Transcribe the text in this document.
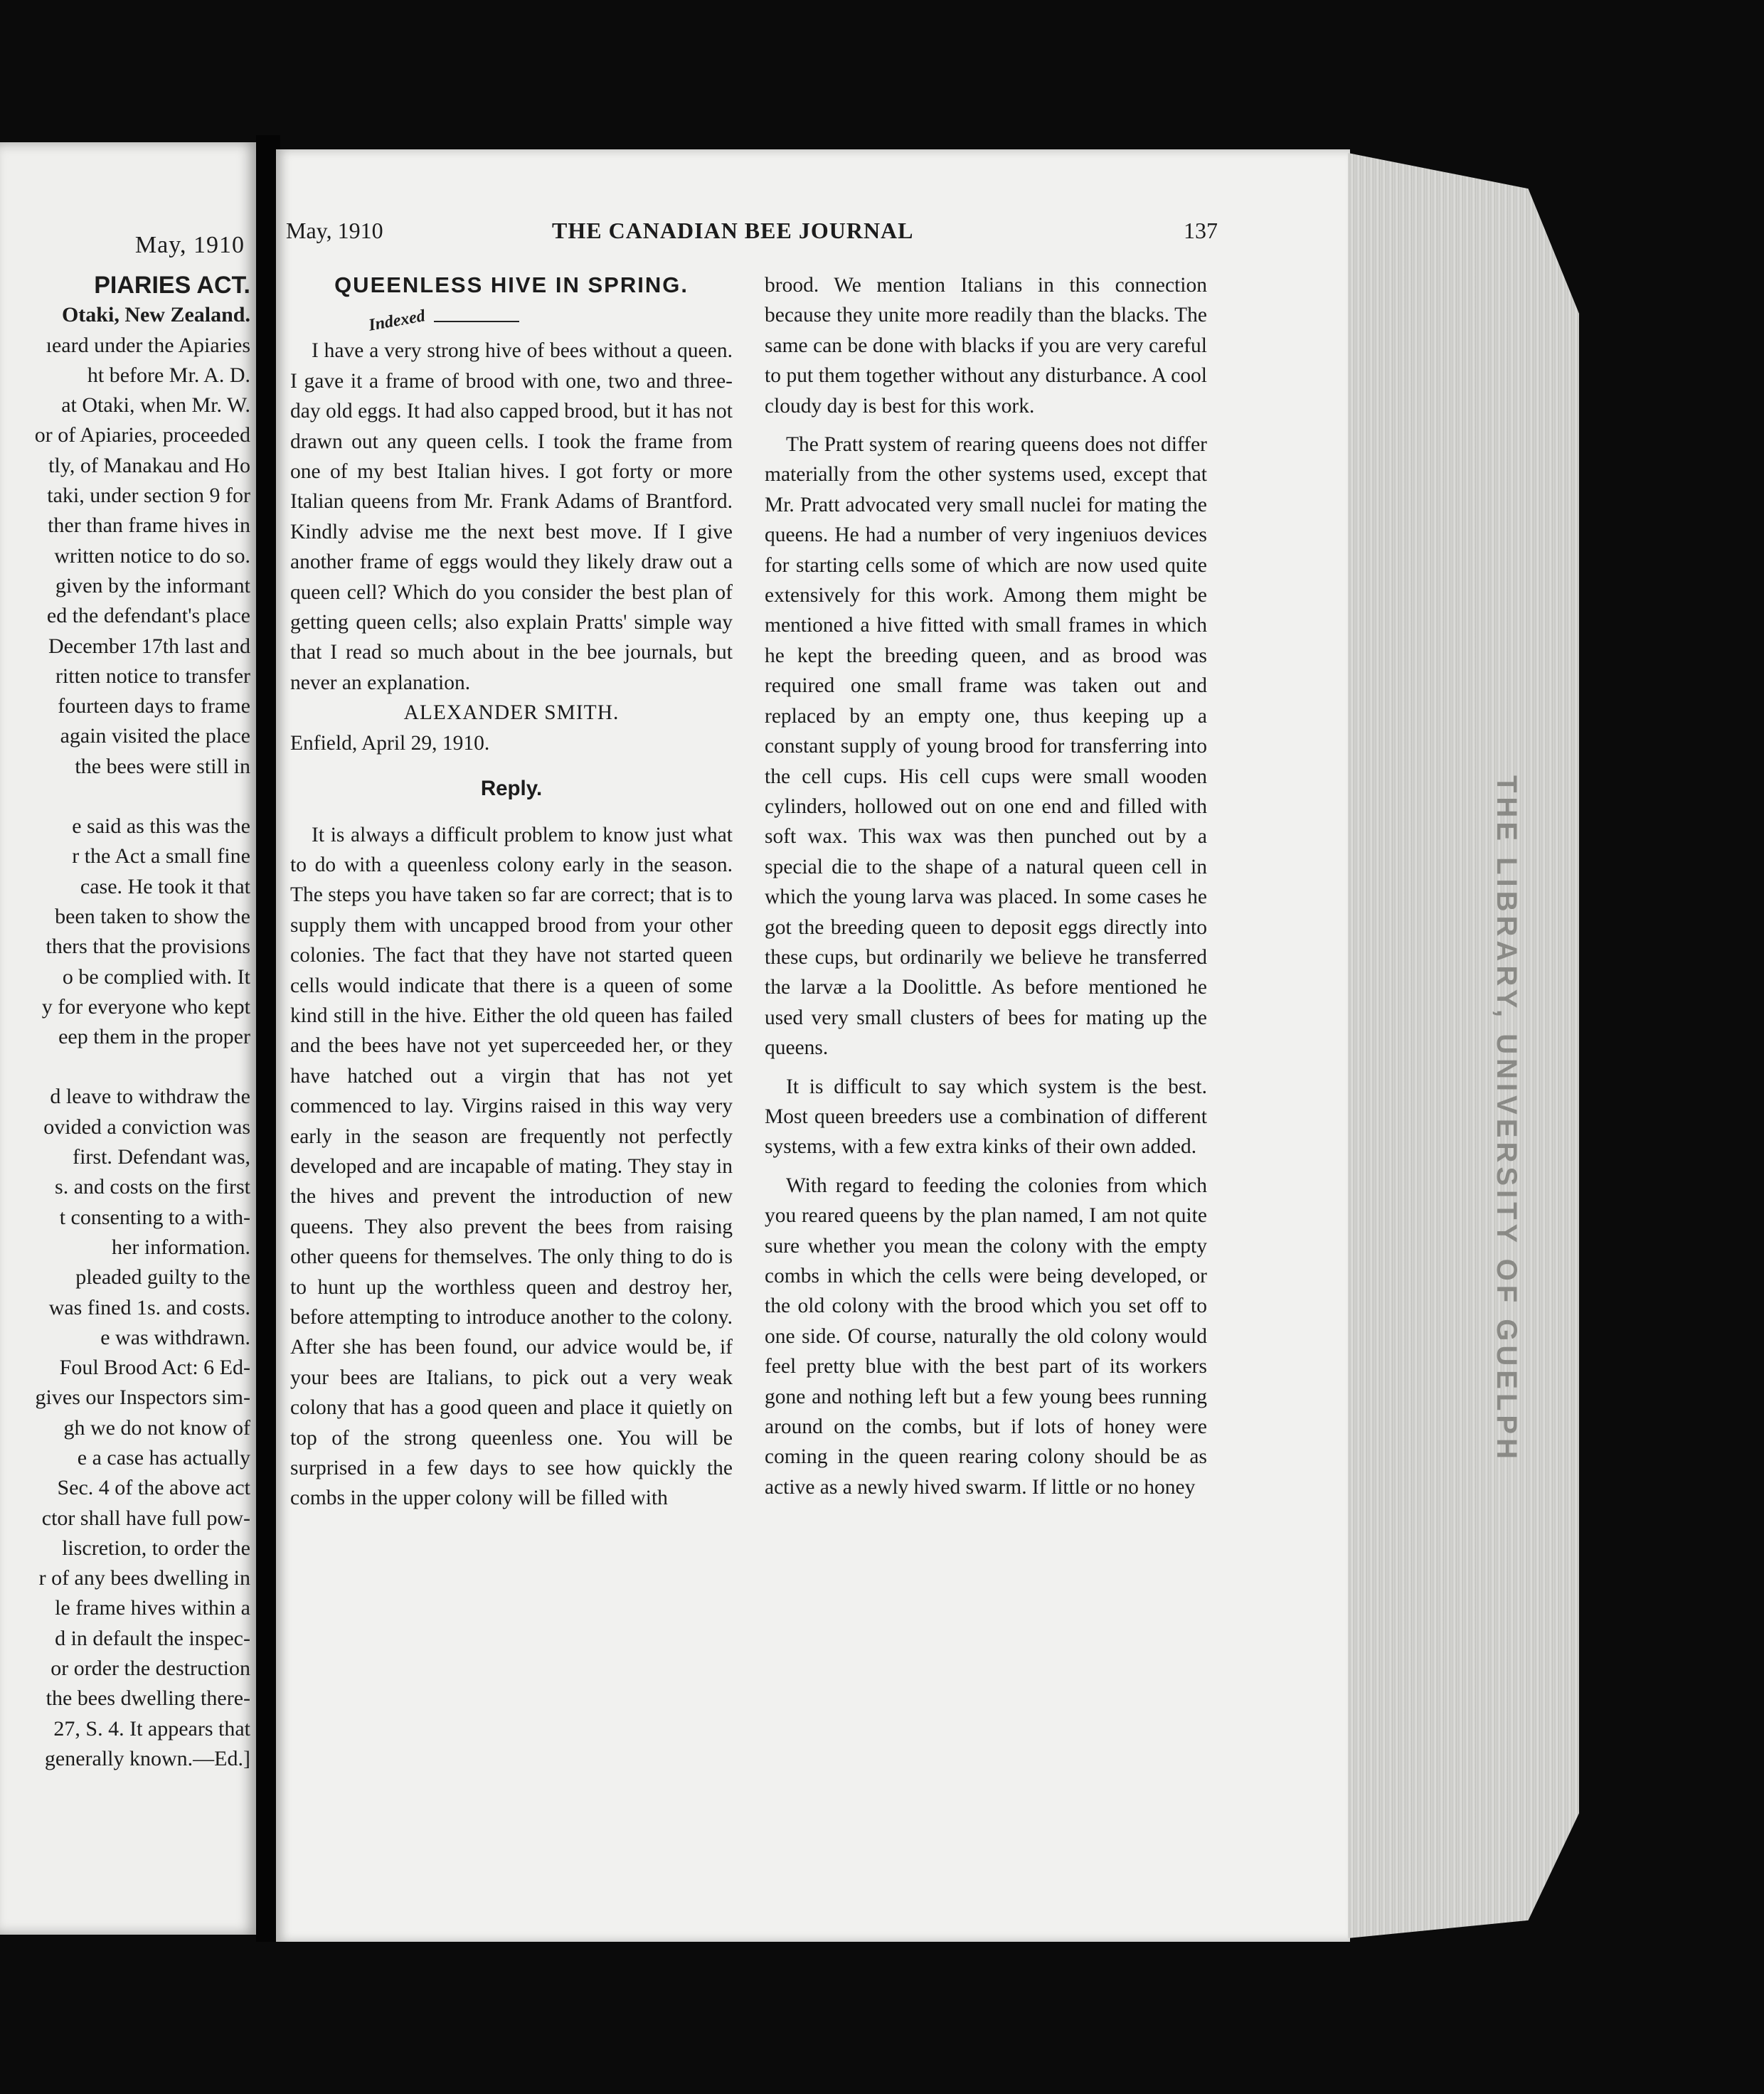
May, 1910
PIARIES ACT.
Otaki, New Zealand.
ıeard under the Apiaries
ht before Mr. A. D.
at Otaki, when Mr. W.
or of Apiaries, proceeded
tly, of Manakau and Ho
taki, under section 9 for
ther than frame hives in
written notice to do so.
given by the informant
ed the defendant's place
December 17th last and
ritten notice to transfer
fourteen days to frame
again visited the place
the bees were still in
e said as this was the
r the Act a small fine
case. He took it that
been taken to show the
thers that the provisions
o be complied with. It
y for everyone who kept
eep them in the proper
d leave to withdraw the
ovided a conviction was
first. Defendant was,
s. and costs on the first
t consenting to a with-
her information.
pleaded guilty to the
was fined 1s. and costs.
e was withdrawn.
Foul Brood Act: 6 Ed-
gives our Inspectors sim-
gh we do not know of
e a case has actually
Sec. 4 of the above act
ctor shall have full pow-
liscretion, to order the
r of any bees dwelling in
le frame hives within a
d in default the inspec-
or order the destruction
the bees dwelling there-
27, S. 4. It appears that
generally known.—Ed.]
THE LIBRARY, UNIVERSITY OF GUELPH
May, 1910	THE CANADIAN BEE JOURNAL	137

QUEENLESS HIVE IN SPRING.

Indexed

I have a very strong hive of bees without a queen. I gave it a frame of brood with one, two and three-day old eggs. It had also capped brood, but it has not drawn out any queen cells. I took the frame from one of my best Italian hives. I got forty or more Italian queens from Mr. Frank Adams of Brantford. Kindly advise me the next best move. If I give another frame of eggs would they likely draw out a queen cell? Which do you consider the best plan of getting queen cells; also explain Pratts' simple way that I read so much about in the bee journals, but never an explanation.

ALEXANDER SMITH.

Enfield, April 29, 1910.

Reply.

It is always a difficult problem to know just what to do with a queenless colony early in the season. The steps you have taken so far are correct; that is to supply them with uncapped brood from your other colonies. The fact that they have not started queen cells would indicate that there is a queen of some kind still in the hive. Either the old queen has failed and the bees have not yet superceeded her, or they have hatched out a virgin that has not yet commenced to lay. Virgins raised in this way very early in the season are frequently not perfectly developed and are incapable of mating. They stay in the hives and prevent the introduction of new queens. They also prevent the bees from raising other queens for themselves. The only thing to do is to hunt up the worthless queen and destroy her, before attempting to introduce another to the colony. After she has been found, our advice would be, if your bees are Italians, to pick out a very weak colony that has a good queen and place it quietly on top of the strong queenless one. You will be surprised in a few days to see how quickly the combs in the upper colony will be filled with

brood. We mention Italians in this connection because they unite more readily than the blacks. The same can be done with blacks if you are very careful to put them together without any disturbance. A cool cloudy day is best for this work.

The Pratt system of rearing queens does not differ materially from the other systems used, except that Mr. Pratt advocated very small nuclei for mating the queens. He had a number of very ingeniuos devices for starting cells some of which are now used quite extensively for this work. Among them might be mentioned a hive fitted with small frames in which he kept the breeding queen, and as brood was required one small frame was taken out and replaced by an empty one, thus keeping up a constant supply of young brood for transferring into the cell cups. His cell cups were small wooden cylinders, hollowed out on one end and filled with soft wax. This wax was then punched out by a special die to the shape of a natural queen cell in which the young larva was placed. In some cases he got the breeding queen to deposit eggs directly into these cups, but ordinarily we believe he transferred the larvæ a la Doolittle. As before mentioned he used very small clusters of bees for mating up the queens.

It is difficult to say which system is the best. Most queen breeders use a combination of different systems, with a few extra kinks of their own added.

With regard to feeding the colonies from which you reared queens by the plan named, I am not quite sure whether you mean the colony with the empty combs in which the cells were being developed, or the old colony with the brood which you set off to one side. Of course, naturally the old colony would feel pretty blue with the best part of its workers gone and nothing left but a few young bees running around on the combs, but if lots of honey were coming in the queen rearing colony should be as active as a newly hived swarm. If little or no honey
